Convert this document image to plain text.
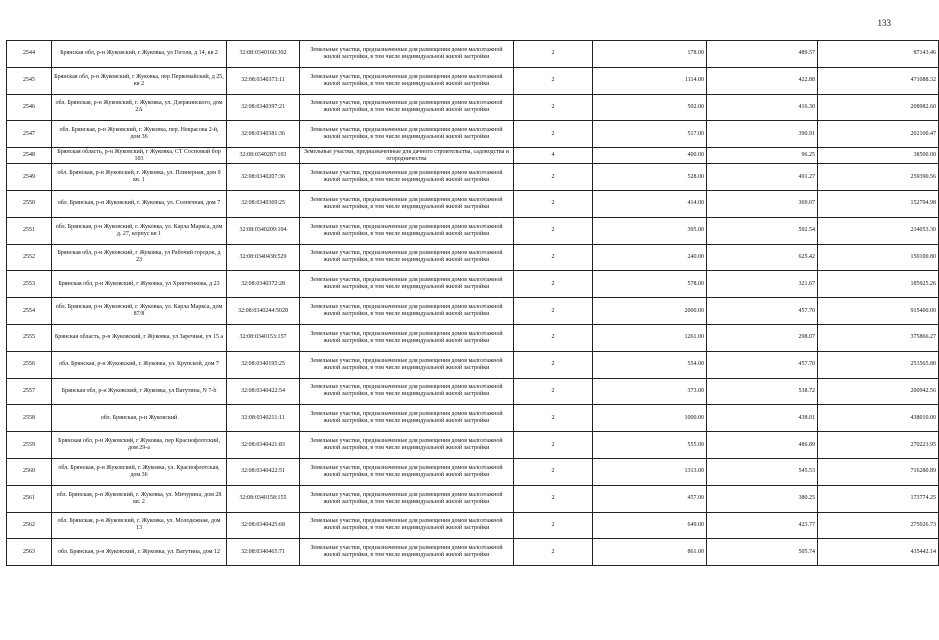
133
2544	Брянская обл, р-н Жуковский, г Жуковка, ул Гоголя, д 14, кв 2	32:08:0340160:302	Земельные участки, предназначенные для размещения домов малоэтажной жилой застройки, в том числе индивидуальной жилой застройки	2	178.00	489.57	87143.46
2545	Брянская обл, р-н Жуковский, г Жуковка, пер Первомайский, д 25, кв 2	32:08:0340373:11	Земельные участки, предназначенные для размещения домов малоэтажной жилой застройки, в том числе индивидуальной жилой застройки	2	1114.00	422.88	471088.32
2546	обл. Брянская, р-н Жуковский, г. Жуковка, ул. Дзержинского, дом 2А	32:08:0340397:21	Земельные участки, предназначенные для размещения домов малоэтажной жилой застройки, в том числе индивидуальной жилой застройки	2	502.00	416.30	208982.60
2547	обл. Брянская, р-н Жуковский, г. Жуковка, пер. Некрасова 2-й, дом 36	32:08:0340381:36	Земельные участки, предназначенные для размещения домов малоэтажной жилой застройки, в том числе индивидуальной жилой застройки	2	517.00	390.91	202100.47
2548	Брянская область, р-н Жуковский, г Жуковка, СТ Сосновый бор 103	32:08:0340287:103	Земельные участки, предназначенные для дачного строительства, садоводства и огородничества	4	400.00	96.25	38500.00
2549	обл. Брянская, р-н Жуковский, г. Жуковка, ул. Плинерная, дом 9 кв. 1	32:08:0340207:36	Земельные участки, предназначенные для размещения домов малоэтажной жилой застройки, в том числе индивидуальной жилой застройки	2	528.00	491.27	259390.56
2550	обл. Брянская, р-н Жуковский, г. Жуковка, ул. Солнечная, дом 7	32:08:0340369:25	Земельные участки, предназначенные для размещения домов малоэтажной жилой застройки, в том числе индивидуальной жилой застройки	2	414.00	369.07	152794.98
2551	обл. Брянская, р-н Жуковский, г. Жуковка, ул. Карла Маркса, дом д. 27, корпус кв 1	32:08:0340209:104	Земельные участки, предназначенные для размещения домов малоэтажной жилой застройки, в том числе индивидуальной жилой застройки	2	395.00	592.54	234053.30
2552	Брянская обл, р-н Жуковский, г Жуковка, ул Рабочий городок, д 23	32:08:0340438:529	Земельные участки, предназначенные для размещения домов малоэтажной жилой застройки, в том числе индивидуальной жилой застройки	2	240.00	625.42	150100.80
2553	Брянская обл, р-н Жуковский, г Жуковка, ул Хрипченкова, д 23	32:08:0340372:28	Земельные участки, предназначенные для размещения домов малоэтажной жилой застройки, в том числе индивидуальной жилой застройки	2	578.00	321.67	185925.26
2554	обл. Брянская, р-н Жуковский, г. Жуковка, ул. Карла Маркса, дом 87/8	32:08:0340244:5028	Земельные участки, предназначенные для размещения домов малоэтажной жилой застройки, в том числе индивидуальной жилой застройки	2	2000.00	457.70	915400.00
2555	Брянская область, р-н Жуковский, г Жуковка, ул Заречная, уч 15 а	32:08:0340153:157	Земельные участки, предназначенные для размещения домов малоэтажной жилой застройки, в том числе индивидуальной жилой застройки	2	1261.00	298.07	375866.27
2556	обл. Брянская, р-н Жуковский, г. Жуковка, ул. Крупской, дом 7	32:08:0340195:25	Земельные участки, предназначенные для размещения домов малоэтажной жилой застройки, в том числе индивидуальной жилой застройки	2	554.00	457.70	253565.80
2557	Брянская обл, р-н Жуковский, г Жуковка, ул Ватутина, N 7-b	32:08:0340422:54	Земельные участки, предназначенные для размещения домов малоэтажной жилой застройки, в том числе индивидуальной жилой застройки	2	373.00	538.72	200942.56
2558	обл. Брянская, р-н Жуковский	32:08:0340211:11	Земельные участки, предназначенные для размещения домов малоэтажной жилой застройки, в том числе индивидуальной жилой застройки	2	1000.00	438.01	438010.00
2559	Брянская обл, р-н Жуковский, г Жуковка, пер Краснофлотский, дом 29-а	32:08:0340421:83	Земельные участки, предназначенные для размещения домов малоэтажной жилой застройки, в том числе индивидуальной жилой застройки	2	555.00	486.89	270223.95
2560	обл. Брянская, р-н Жуковский, г. Жуковка, ул. Краснофлотская, дом 36	32:08:0340422:51	Земельные участки, предназначенные для размещения домов малоэтажной жилой застройки, в том числе индивидуальной жилой застройки	2	1313.00	545.53	716280.89
2561	обл. Брянская, р-н Жуковский, г. Жуковка, ул. Мичурина, дом 28 кв. 2	32:08:0340158:155	Земельные участки, предназначенные для размещения домов малоэтажной жилой застройки, в том числе индивидуальной жилой застройки	2	457.00	380.25	173774.25
2562	обл. Брянская, р-н Жуковский, г. Жуковка, ул. Молодежная, дом 13	32:08:0340425:68	Земельные участки, предназначенные для размещения домов малоэтажной жилой застройки, в том числе индивидуальной жилой застройки	2	649.00	423.77	275026.73
2563	обл. Брянская, р-н Жуковский, г. Жуковка, ул. Ватутина, дом 12	32:08:0340465:71	Земельные участки, предназначенные для размещения домов малоэтажной жилой застройки, в том числе индивидуальной жилой застройки	2	861.00	505.74	435442.14
